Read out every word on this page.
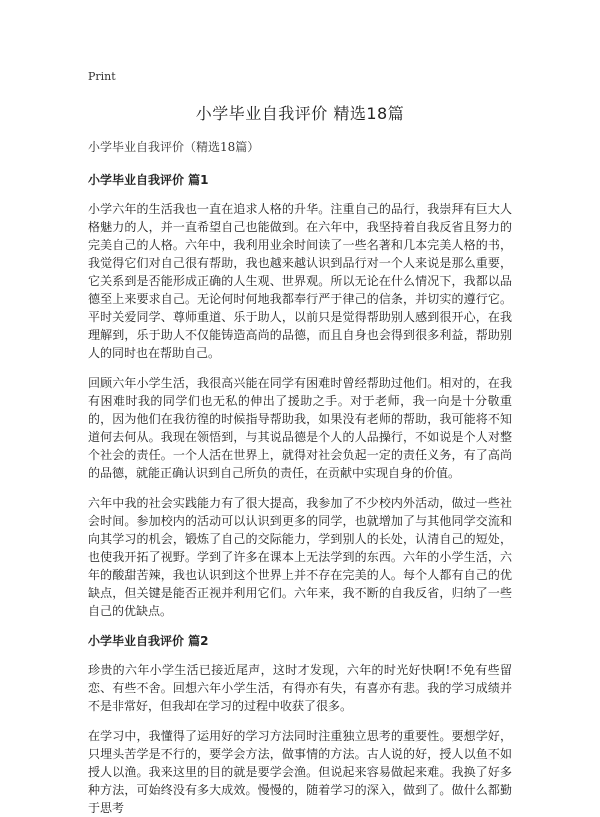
Print
小学毕业自我评价 精选18篇
小学毕业自我评价（精选18篇）
小学毕业自我评价 篇1

小学六年的生活我也一直在追求人格的升华。注重自己的品行，我崇拜有巨大人格魅力的人，并一直希望自己也能做到。在六年中，我坚持着自我反省且努力的完美自己的人格。六年中，我利用业余时间读了一些名著和几本完美人格的书，我觉得它们对自己很有帮助，我也越来越认识到品行对一个人来说是那么重要，它关系到是否能形成正确的人生观、世界观。所以无论在什么情况下，我都以品德至上来要求自己。无论何时何地我都奉行严于律己的信条，并切实的遵行它。平时关爱同学、尊师重道、乐于助人，以前只是觉得帮助别人感到很开心，在我理解到，乐于助人不仅能铸造高尚的品德，而且自身也会得到很多利益，帮助别人的同时也在帮助自己。

回顾六年小学生活，我很高兴能在同学有困难时曾经帮助过他们。相对的，在我有困难时我的同学们也无私的伸出了援助之手。对于老师，我一向是十分敬重的，因为他们在我彷徨的时候指导帮助我，如果没有老师的帮助，我可能将不知道何去何从。我现在领悟到，与其说品德是个人的人品操行，不如说是个人对整个社会的责任。一个人活在世界上，就得对社会负起一定的责任义务，有了高尚的品德，就能正确认识到自己所负的责任，在贡献中实现自身的价值。

六年中我的社会实践能力有了很大提高，我参加了不少校内外活动，做过一些社会时间。参加校内的活动可以认识到更多的同学，也就增加了与其他同学交流和向其学习的机会，锻炼了自己的交际能力，学到别人的长处，认清自己的短处，也使我开拓了视野。学到了许多在课本上无法学到的东西。六年的小学生活，六年的酸甜苦辣，我也认识到这个世界上并不存在完美的人。每个人都有自己的优缺点，但关键是能否正视并利用它们。六年来，我不断的自我反省，归纳了一些自己的优缺点。

小学毕业自我评价 篇2

珍贵的六年小学生活已接近尾声，这时才发现，六年的时光好快啊!不免有些留恋、有些不舍。回想六年小学生活，有得亦有失，有喜亦有悲。我的学习成绩并不是非常好，但我却在学习的过程中收获了很多。

在学习中，我懂得了运用好的学习方法同时注重独立思考的重要性。要想学好，只埋头苦学是不行的，要学会方法，做事情的方法。古人说的好，授人以鱼不如授人以渔。我来这里的目的就是要学会渔。但说起来容易做起来难。我换了好多种方法，可始终没有多大成效。慢慢的，随着学习的深入，做到了。做什么都勤于思考
